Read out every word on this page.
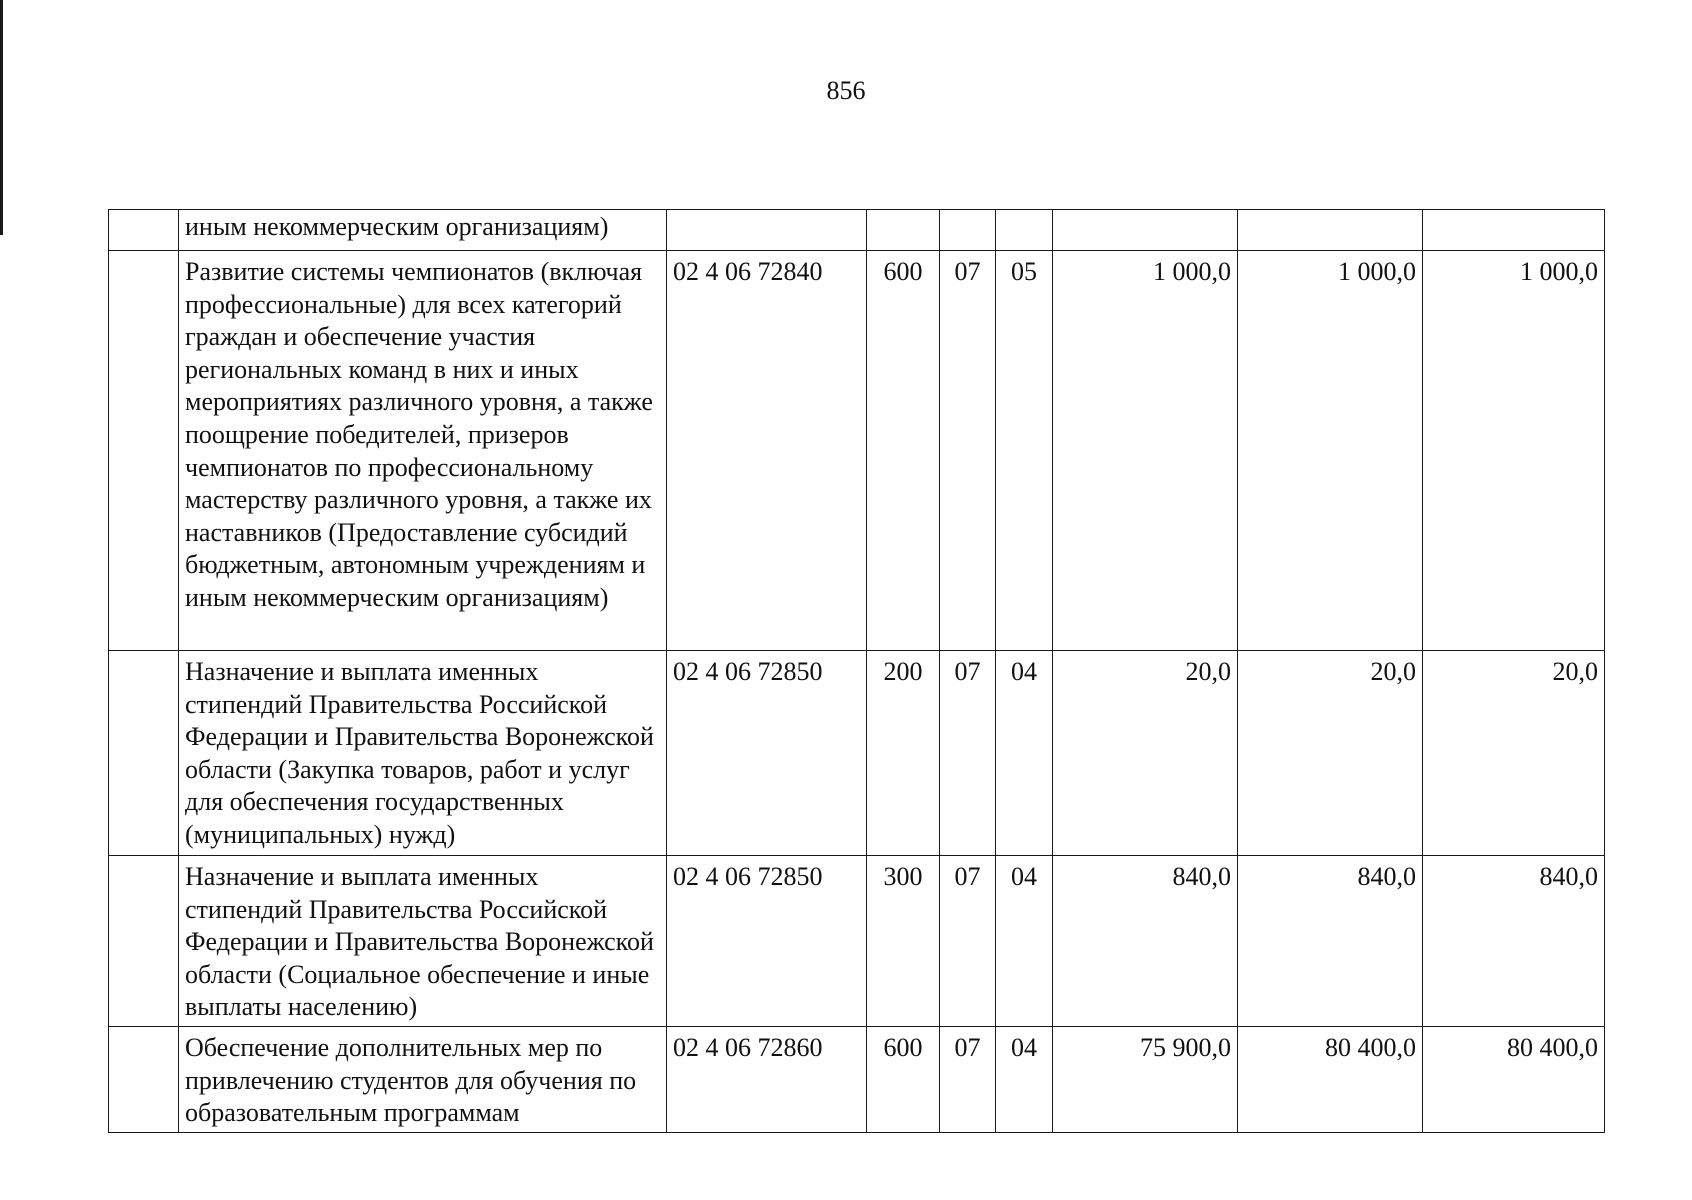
856
	иным некоммерческим организациям)							
	Развитие системы чемпионатов (включая профессиональные) для всех категорий граждан и обеспечение участия региональных команд в них и иных мероприятиях различного уровня, а также поощрение победителей, призеров чемпионатов по профессиональному мастерству различного уровня, а также их наставников (Предоставление субсидий бюджетным, автономным учреждениям и иным некоммерческим организациям)	02 4 06 72840	600	07	05	1 000,0	1 000,0	1 000,0
	Назначение и выплата именных стипендий Правительства Российской Федерации и Правительства Воронежской области (Закупка товаров, работ и услуг для обеспечения государственных (муниципальных) нужд)	02 4 06 72850	200	07	04	20,0	20,0	20,0
	Назначение и выплата именных стипендий Правительства Российской Федерации и Правительства Воронежской области (Социальное обеспечение и иные выплаты населению)	02 4 06 72850	300	07	04	840,0	840,0	840,0
	Обеспечение дополнительных мер по привлечению студентов для обучения по образовательным программам	02 4 06 72860	600	07	04	75 900,0	80 400,0	80 400,0
